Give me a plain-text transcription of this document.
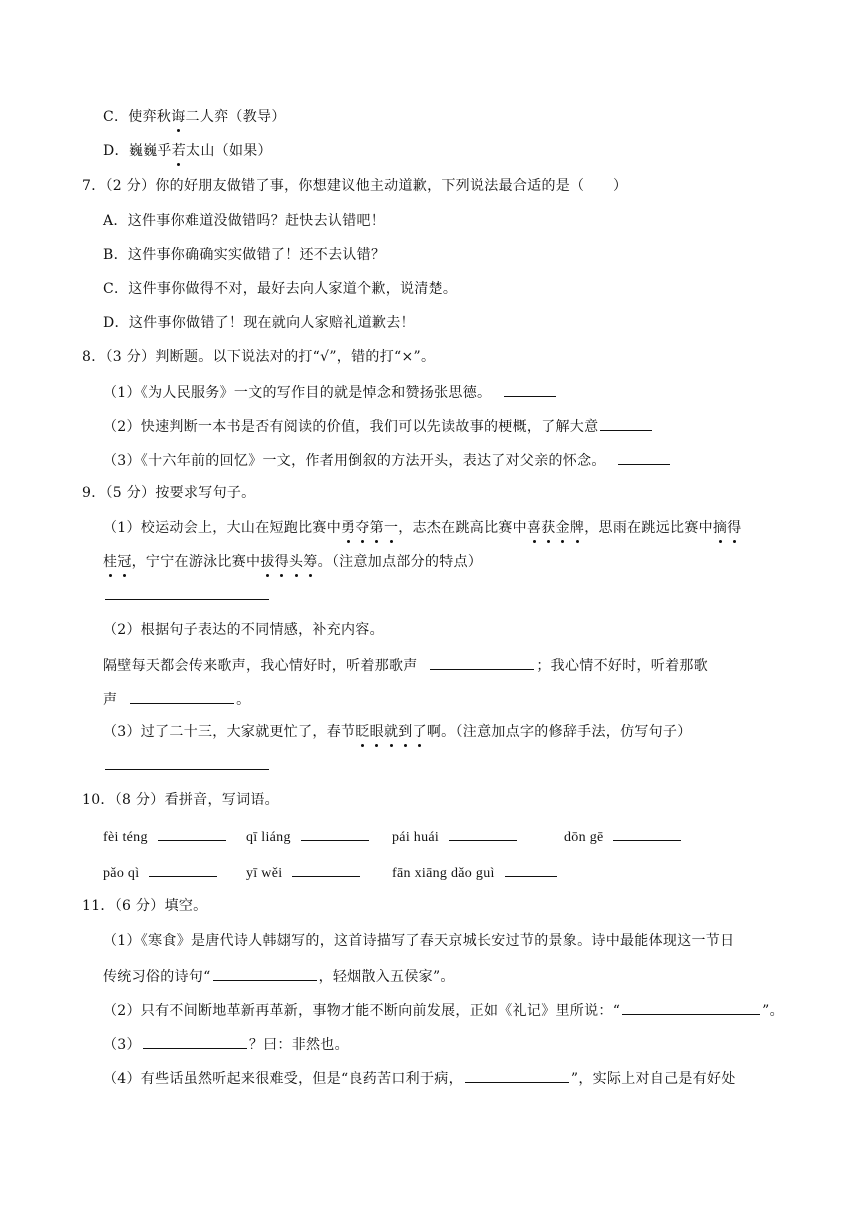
C．使弈秋诲二人弈（教导）
D．巍巍乎若太山（如果）
7．（2 分）你的好朋友做错了事，你想建议他主动道歉，下列说法最合适的是（　　）
A．这件事你难道没做错吗？赶快去认错吧！
B．这件事你确确实实做错了！还不去认错？
C．这件事你做得不对，最好去向人家道个歉，说清楚。
D．这件事你做错了！现在就向人家赔礼道歉去！
8．（3 分）判断题。以下说法对的打“√”，错的打“×”。
（1）《为人民服务》一文的写作目的就是悼念和赞扬张思德。
（2）快速判断一本书是否有阅读的价值，我们可以先读故事的梗概，了解大意
（3）《十六年前的回忆》一文，作者用倒叙的方法开头，表达了对父亲的怀念。
9．（5 分）按要求写句子。
（1）校运动会上，大山在短跑比赛中勇夺第一，志杰在跳高比赛中喜获金牌，思雨在跳远比赛中摘得
桂冠，宁宁在游泳比赛中拔得头筹。（注意加点部分的特点）
（2）根据句子表达的不同情感，补充内容。
隔壁每天都会传来歌声，我心情好时，听着那歌声	；我心情不好时，听着那歌
声	。
（3）过了二十三，大家就更忙了，春节眨眼就到了啊。（注意加点字的修辞手法，仿写句子）
10．（8 分）看拼音，写词语。
fèi téng	qī liáng	pái huái	dōn gē
pǎo qì	yī wěi	fān xiāng dǎo guì
11．（6 分）填空。
（1）《寒食》是唐代诗人韩翃写的，这首诗描写了春天京城长安过节的景象。诗中最能体现这一节日
传统习俗的诗句“	，轻烟散入五侯家”。
（2）只有不间断地革新再革新，事物才能不断向前发展，正如《礼记》里所说：“	”。
（3）	？曰：非然也。
（4）有些话虽然听起来很难受，但是“良药苦口利于病，	”，实际上对自己是有好处
